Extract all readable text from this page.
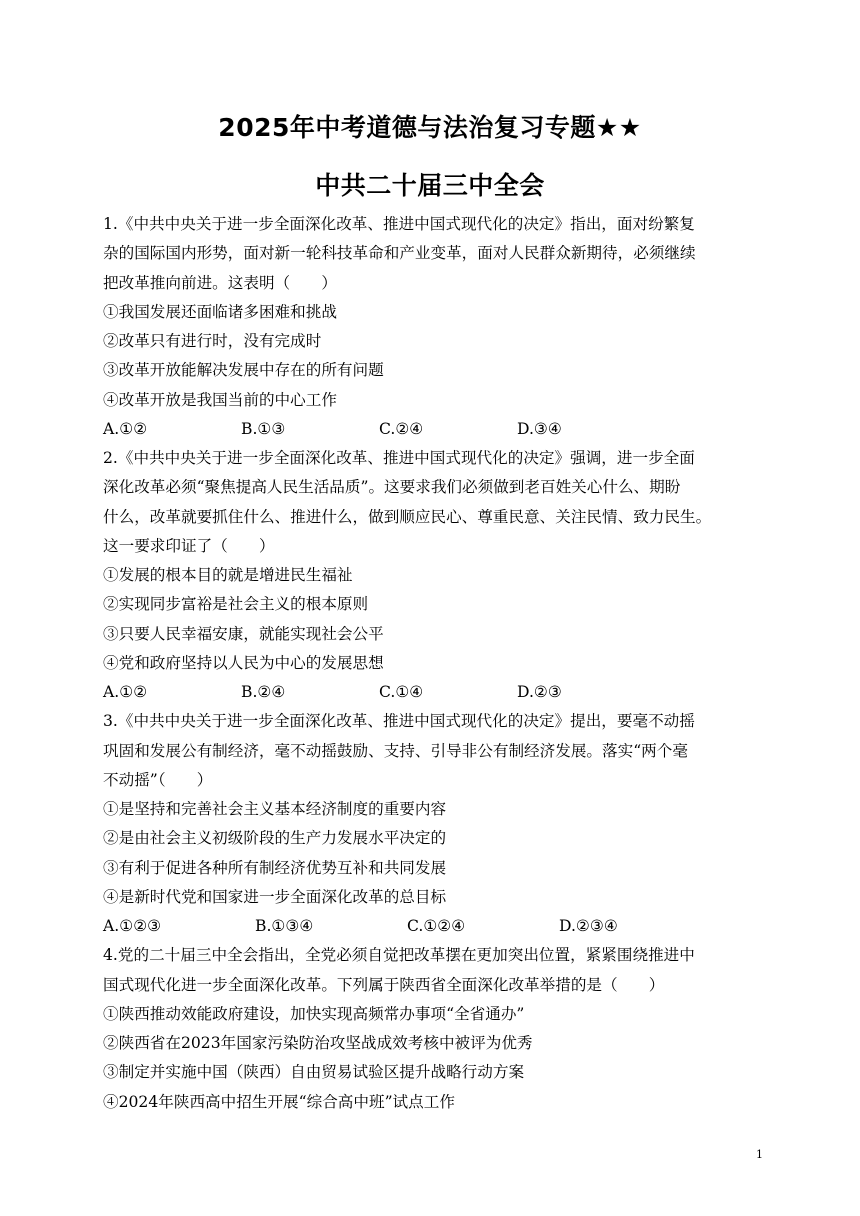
2025年中考道德与法治复习专题★★
中共二十届三中全会
1.《中共中央关于进一步全面深化改革、推进中国式现代化的决定》指出，面对纷繁复
杂的国际国内形势，面对新一轮科技革命和产业变革，面对人民群众新期待，必须继续
把改革推向前进。这表明（　　）
①我国发展还面临诸多困难和挑战
②改革只有进行时，没有完成时
③改革开放能解决发展中存在的所有问题
④改革开放是我国当前的中心工作
A.①②	B.①③	C.②④	D.③④
2.《中共中央关于进一步全面深化改革、推进中国式现代化的决定》强调，进一步全面
深化改革必须“聚焦提高人民生活品质”。这要求我们必须做到老百姓关心什么、期盼
什么，改革就要抓住什么、推进什么，做到顺应民心、尊重民意、关注民情、致力民生。
这一要求印证了（　　）
①发展的根本目的就是增进民生福祉
②实现同步富裕是社会主义的根本原则
③只要人民幸福安康，就能实现社会公平
④党和政府坚持以人民为中心的发展思想
A.①②	B.②④	C.①④	D.②③
3.《中共中央关于进一步全面深化改革、推进中国式现代化的决定》提出，要毫不动摇
巩固和发展公有制经济，毫不动摇鼓励、支持、引导非公有制经济发展。落实“两个毫
不动摇”（　　）
①是坚持和完善社会主义基本经济制度的重要内容
②是由社会主义初级阶段的生产力发展水平决定的
③有利于促进各种所有制经济优势互补和共同发展
④是新时代党和国家进一步全面深化改革的总目标
A.①②③	B.①③④	C.①②④	D.②③④
4.党的二十届三中全会指出，全党必须自觉把改革摆在更加突出位置，紧紧围绕推进中
国式现代化进一步全面深化改革。下列属于陕西省全面深化改革举措的是（　　）
①陕西推动效能政府建设，加快实现高频常办事项“全省通办”
②陕西省在2023年国家污染防治攻坚战成效考核中被评为优秀
③制定并实施中国（陕西）自由贸易试验区提升战略行动方案
④2024年陕西高中招生开展“综合高中班”试点工作
1
